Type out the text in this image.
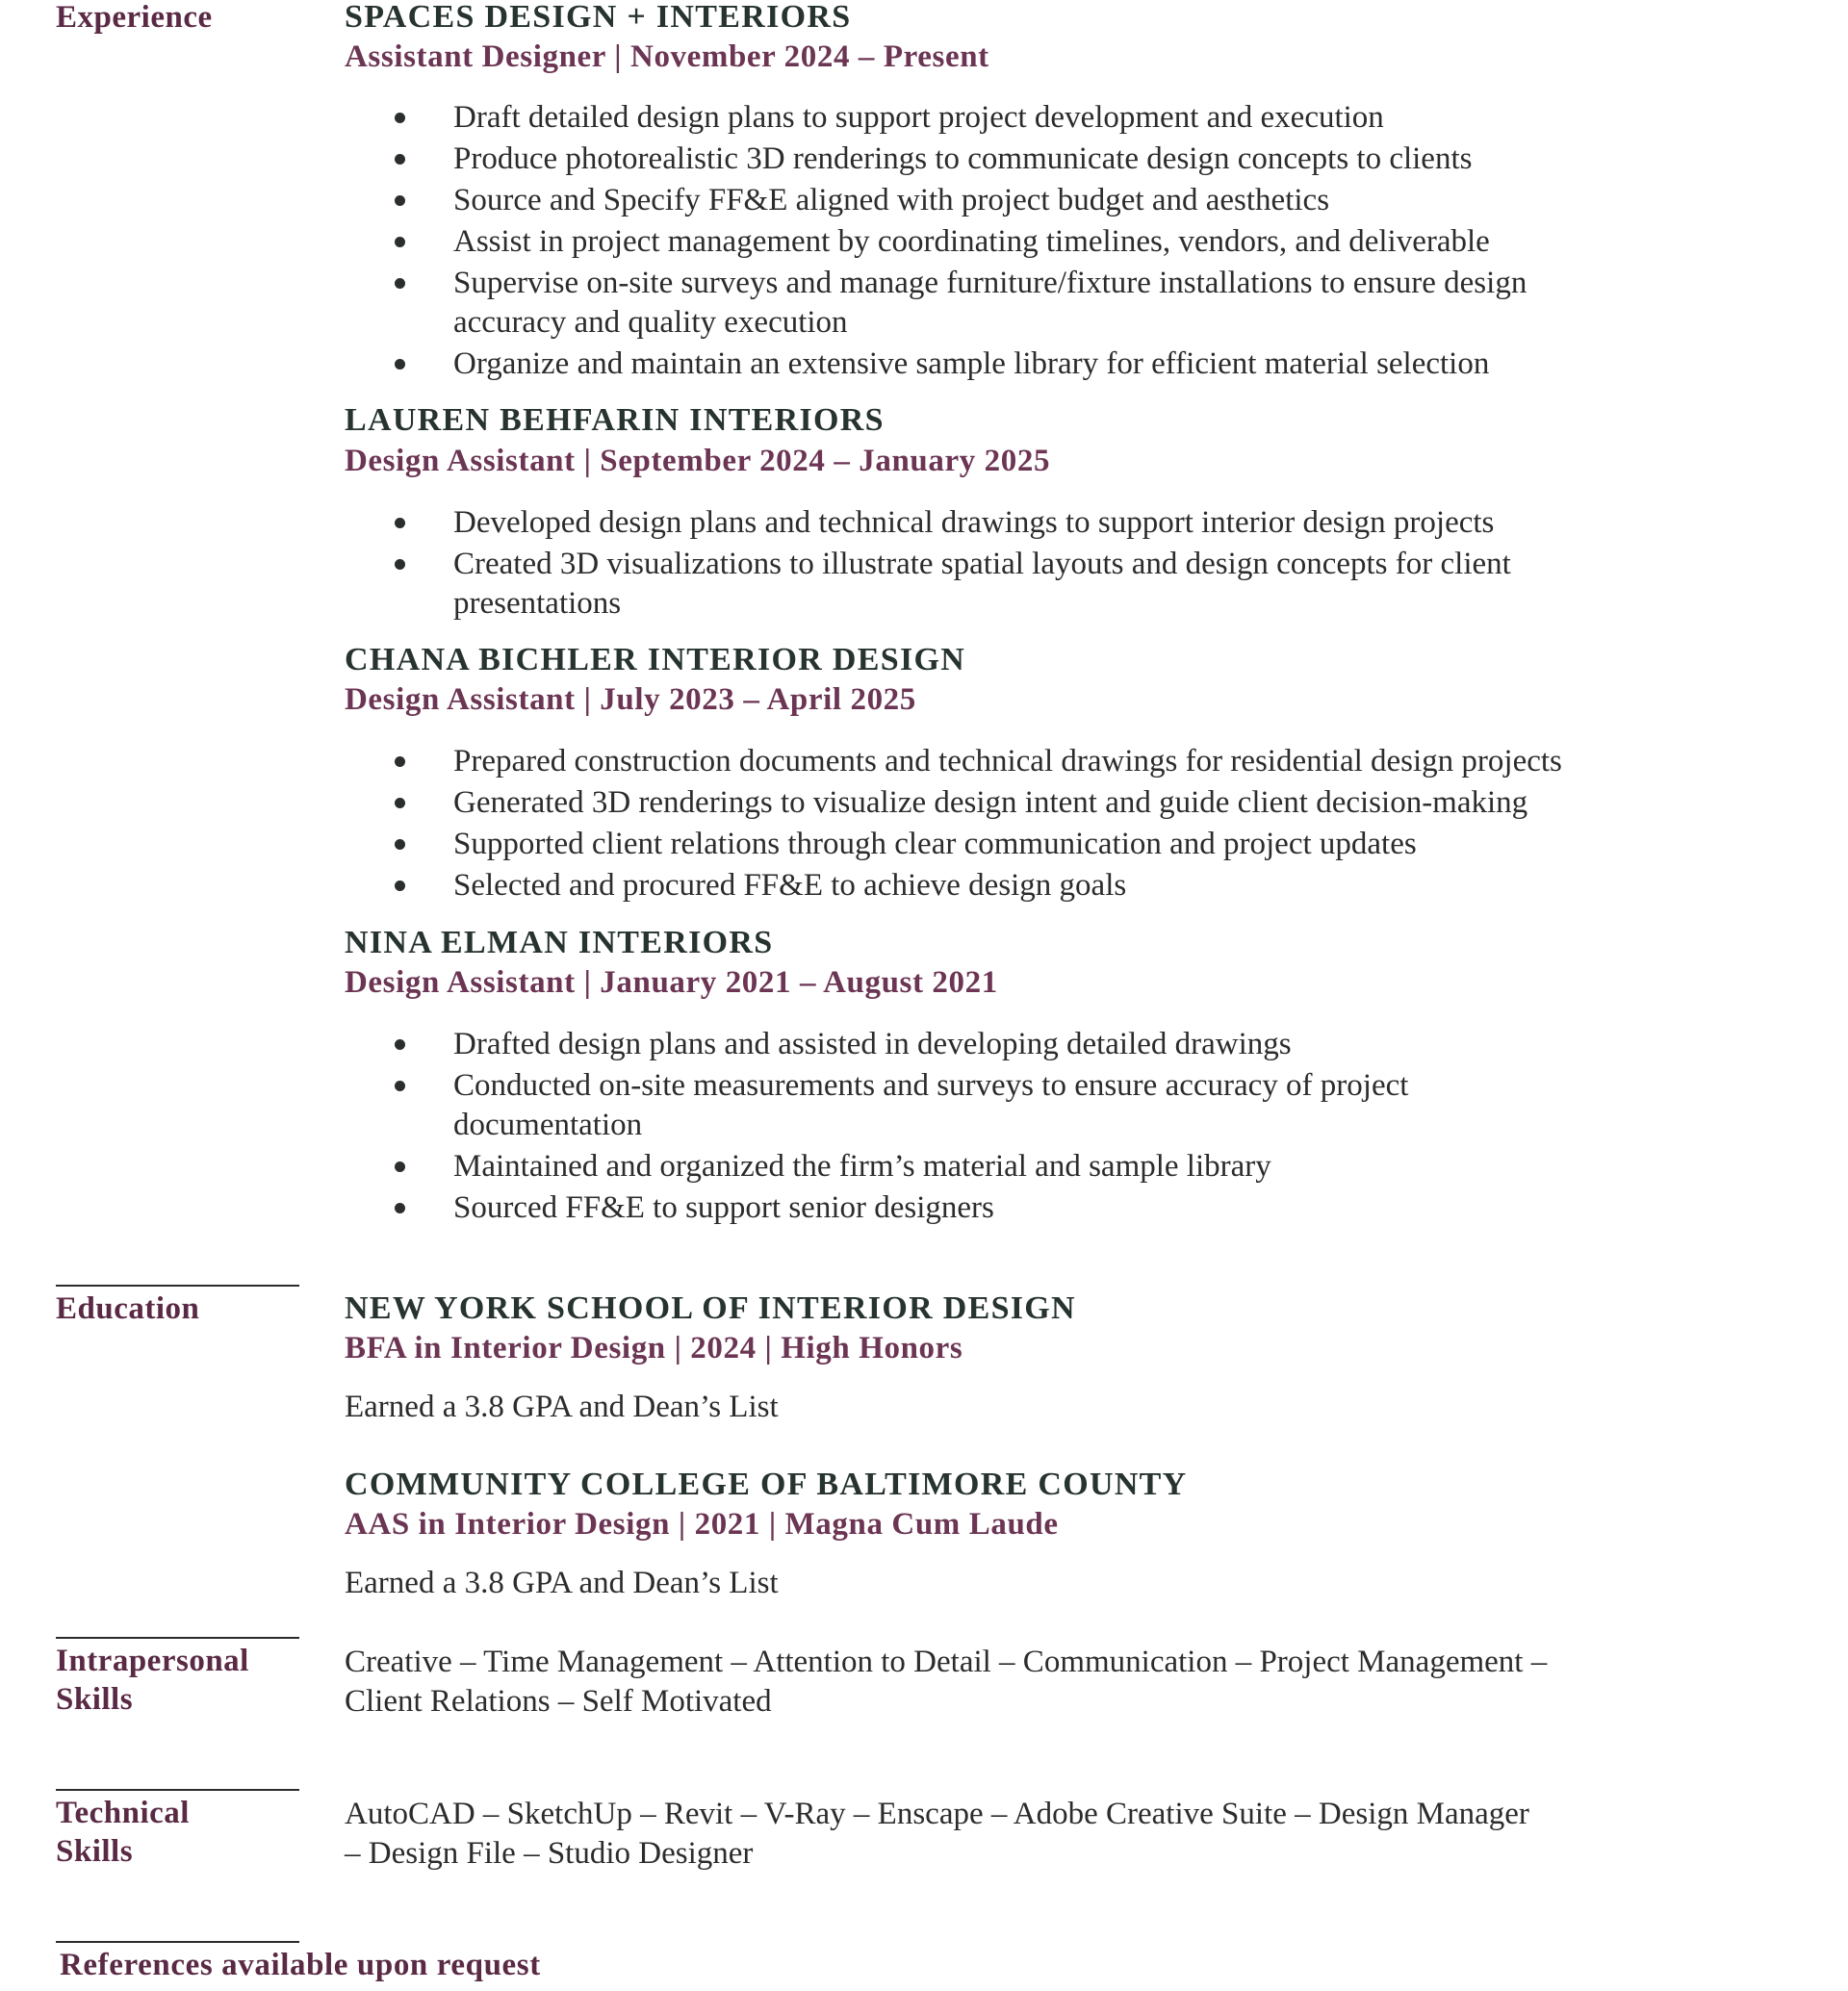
Experience	SPACES DESIGN + INTERIORS
Assistant Designer | November 2024 – Present
Draft detailed design plans to support project development and execution
Produce photorealistic 3D renderings to communicate design concepts to clients
Source and Specify FF&E aligned with project budget and aesthetics
Assist in project management by coordinating timelines, vendors, and deliverable
Supervise on-site surveys and manage furniture/fixture installations to ensure design accuracy and quality execution
Organize and maintain an extensive sample library for efficient material selection
LAUREN BEHFARIN INTERIORS
Design Assistant | September 2024 – January 2025
Developed design plans and technical drawings to support interior design projects
Created 3D visualizations to illustrate spatial layouts and design concepts for client presentations
CHANA BICHLER INTERIOR DESIGN
Design Assistant | July 2023 – April 2025
Prepared construction documents and technical drawings for residential design projects
Generated 3D renderings to visualize design intent and guide client decision-making
Supported client relations through clear communication and project updates
Selected and procured FF&E to achieve design goals
NINA ELMAN INTERIORS
Design Assistant | January 2021 – August 2021
Drafted design plans and assisted in developing detailed drawings
Conducted on-site measurements and surveys to ensure accuracy of project documentation
Maintained and organized the firm’s material and sample library
Sourced FF&E to support senior designers
Education	NEW YORK SCHOOL OF INTERIOR DESIGN
BFA in Interior Design | 2024 | High Honors
Earned a 3.8 GPA and Dean’s List
COMMUNITY COLLEGE OF BALTIMORE COUNTY
AAS in Interior Design | 2021 | Magna Cum Laude
Earned a 3.8 GPA and Dean’s List
Intrapersonal
Skills
Creative – Time Management – Attention to Detail – Communication – Project Management –
Client Relations – Self Motivated
Technical
Skills
AutoCAD – SketchUp – Revit – V-Ray – Enscape – Adobe Creative Suite – Design Manager
– Design File – Studio Designer
References available upon request
